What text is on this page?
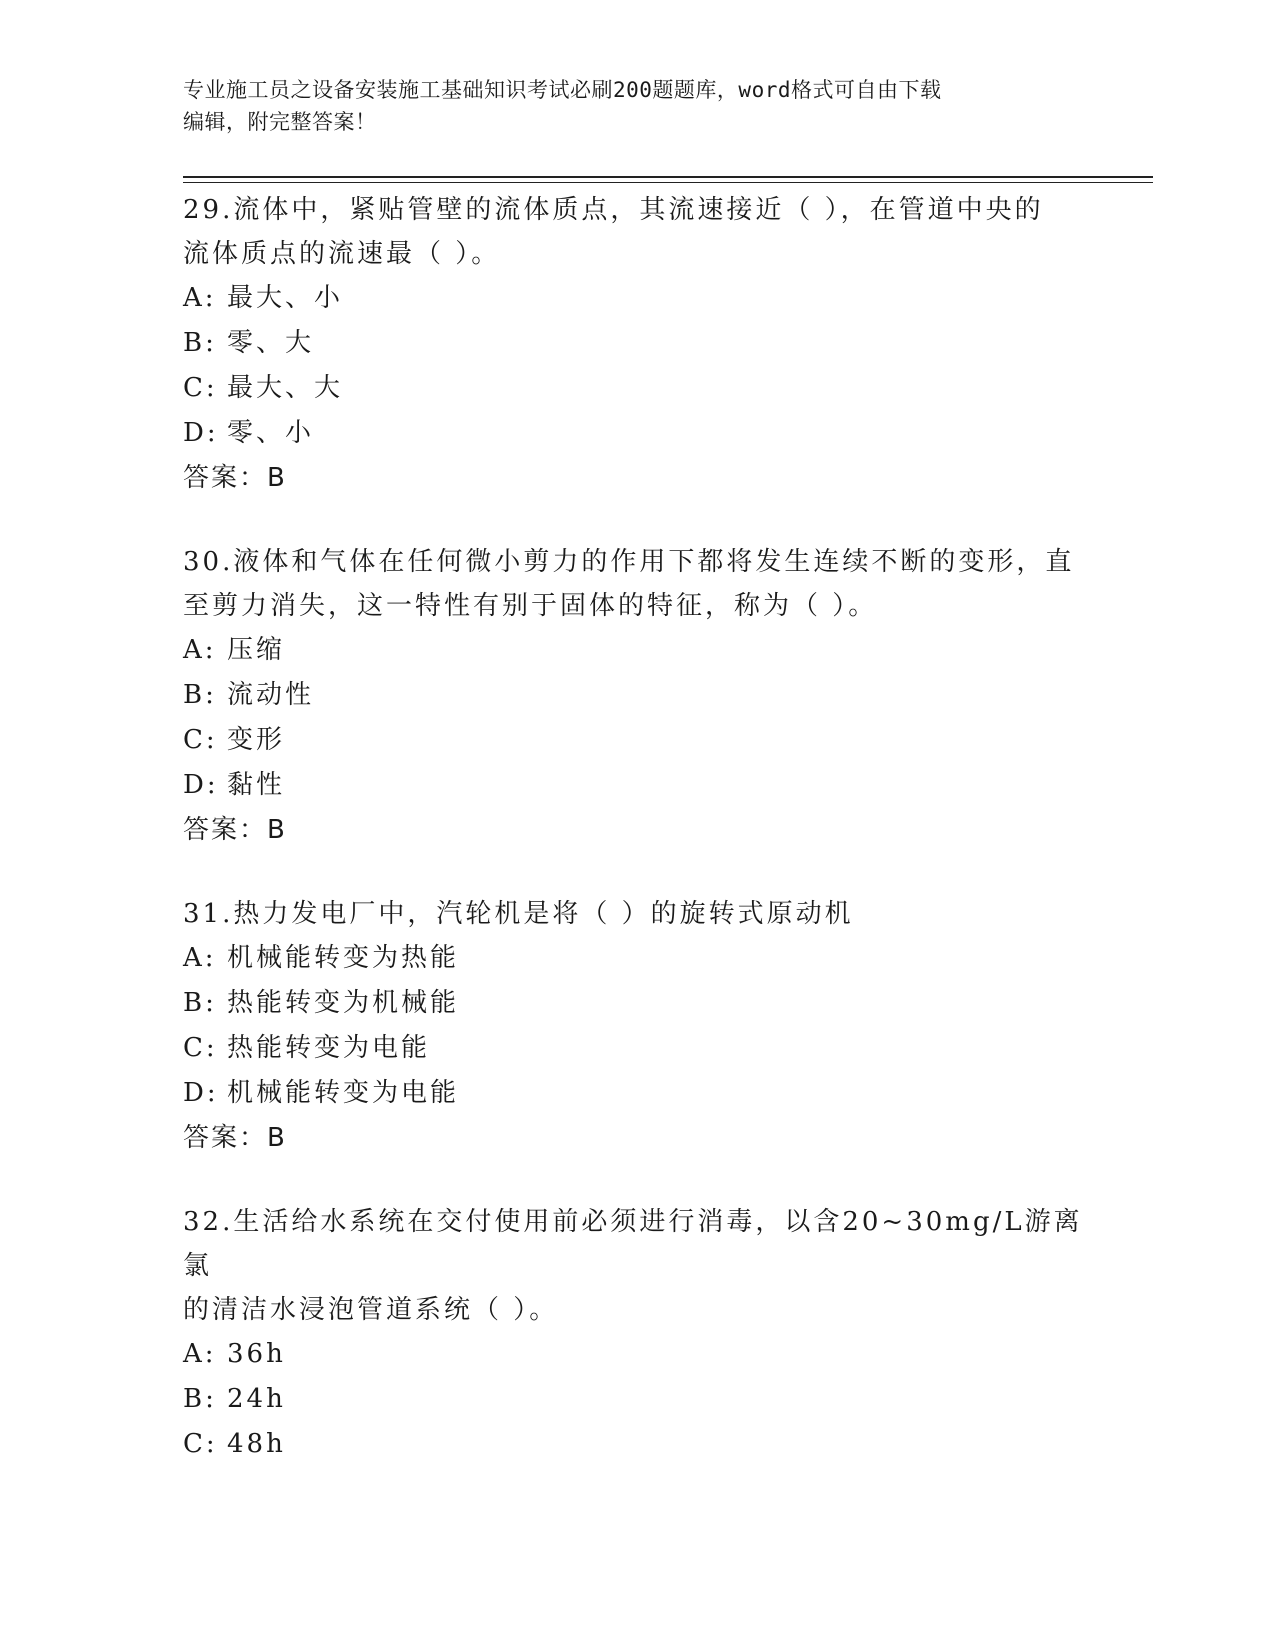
专业施工员之设备安装施工基础知识考试必刷200题题库，word格式可自由下载
编辑，附完整答案！
29.流体中，紧贴管壁的流体质点，其流速接近（ ），在管道中央的
流体质点的流速最（ ）。
A: 最大、小
B: 零、大
C: 最大、大
D: 零、小
答案：B
30.液体和气体在任何微小剪力的作用下都将发生连续不断的变形，直
至剪力消失，这一特性有别于固体的特征，称为（ ）。
A: 压缩
B: 流动性
C: 变形
D: 黏性
答案：B
31.热力发电厂中，汽轮机是将（ ）的旋转式原动机
A: 机械能转变为热能
B: 热能转变为机械能
C: 热能转变为电能
D: 机械能转变为电能
答案：B
32.生活给水系统在交付使用前必须进行消毒，以含20~30mg/L游离氯
的清洁水浸泡管道系统（ ）。
A: 36h
B: 24h
C: 48h
